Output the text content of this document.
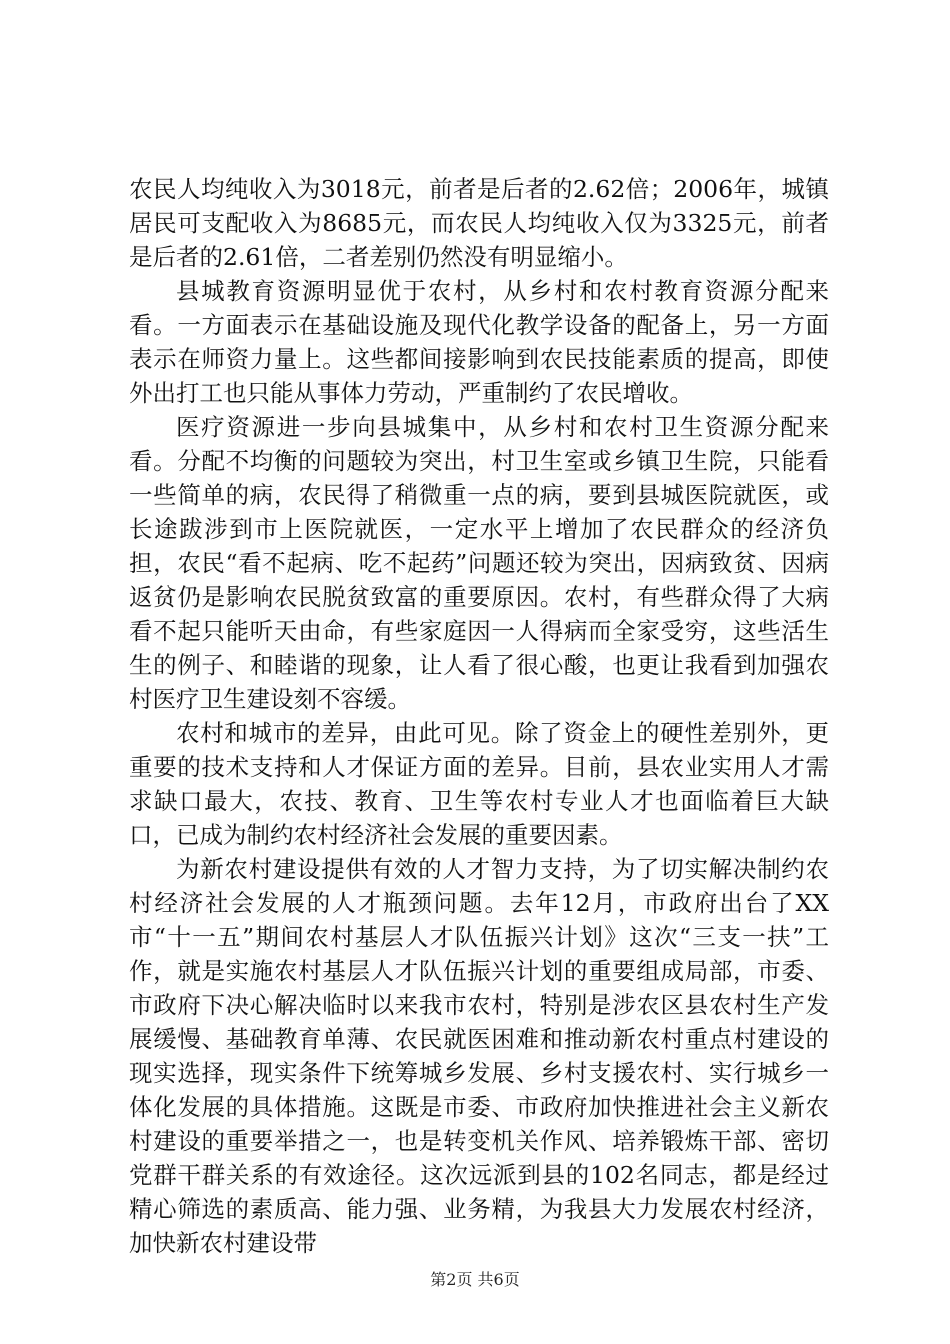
农民人均纯收入为3018元，前者是后者的2.62倍；2006年，城镇居民可支配收入为8685元，而农民人均纯收入仅为3325元，前者是后者的2.61倍，二者差别仍然没有明显缩小。

县城教育资源明显优于农村，从乡村和农村教育资源分配来看。一方面表示在基础设施及现代化教学设备的配备上，另一方面表示在师资力量上。这些都间接影响到农民技能素质的提高，即使外出打工也只能从事体力劳动，严重制约了农民增收。

医疗资源进一步向县城集中，从乡村和农村卫生资源分配来看。分配不均衡的问题较为突出，村卫生室或乡镇卫生院，只能看一些简单的病，农民得了稍微重一点的病，要到县城医院就医，或长途跋涉到市上医院就医，一定水平上增加了农民群众的经济负担，农民“看不起病、吃不起药”问题还较为突出，因病致贫、因病返贫仍是影响农民脱贫致富的重要原因。农村，有些群众得了大病看不起只能听天由命，有些家庭因一人得病而全家受穷，这些活生生的例子、和睦谐的现象，让人看了很心酸，也更让我看到加强农村医疗卫生建设刻不容缓。

农村和城市的差异，由此可见。除了资金上的硬性差别外，更重要的技术支持和人才保证方面的差异。目前，县农业实用人才需求缺口最大，农技、教育、卫生等农村专业人才也面临着巨大缺口，已成为制约农村经济社会发展的重要因素。

为新农村建设提供有效的人才智力支持，为了切实解决制约农村经济社会发展的人才瓶颈问题。去年12月，市政府出台了XX市“十一五”期间农村基层人才队伍振兴计划》这次“三支一扶”工作，就是实施农村基层人才队伍振兴计划的重要组成局部，市委、市政府下决心解决临时以来我市农村，特别是涉农区县农村生产发展缓慢、基础教育单薄、农民就医困难和推动新农村重点村建设的现实选择，现实条件下统筹城乡发展、乡村支援农村、实行城乡一体化发展的具体措施。这既是市委、市政府加快推进社会主义新农村建设的重要举措之一，也是转变机关作风、培养锻炼干部、密切党群干群关系的有效途径。这次远派到县的102名同志，都是经过精心筛选的素质高、能力强、业务精，为我县大力发展农村经济，加快新农村建设带

第2页 共6页
